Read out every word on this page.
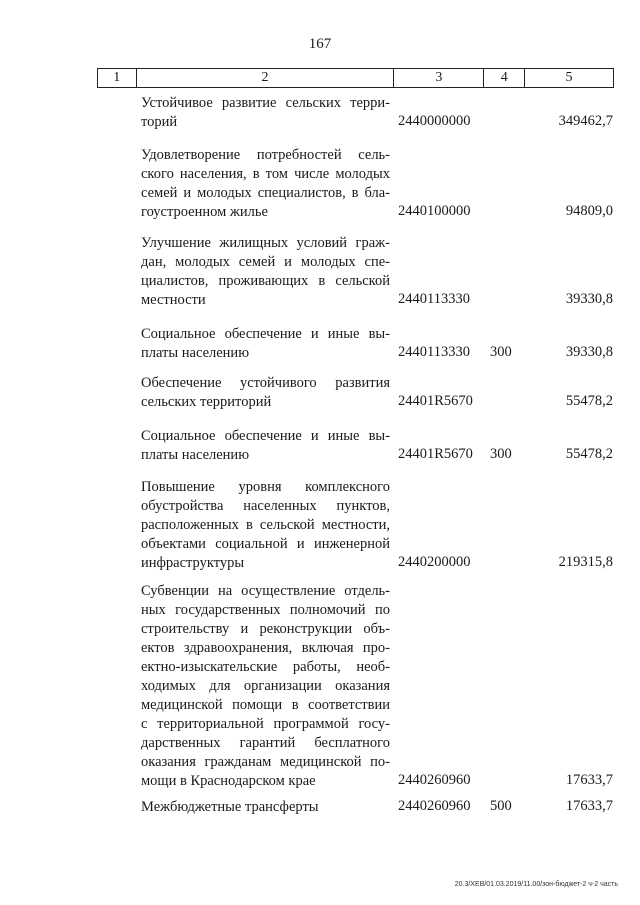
167
1	2	3	4	5
Устойчивое развитие сельских терри-
торий	2440000000	349462,7
Удовлетворение потребностей сель-
ского населения, в том числе молодых
семей и молодых специалистов, в бла-
гоустроенном жилье	2440100000	94809,0
Улучшение жилищных условий граж-
дан, молодых семей и молодых спе-
циалистов, проживающих в сельской
местности	2440113330	39330,8
Социальное обеспечение и иные вы-
платы населению	2440113330	300	39330,8
Обеспечение устойчивого развития
сельских территорий	24401R5670	55478,2
Социальное обеспечение и иные вы-
платы населению	24401R5670	300	55478,2
Повышение уровня комплексного
обустройства населенных пунктов,
расположенных в сельской местности,
объектами социальной и инженерной
инфраструктуры	2440200000	219315,8
Субвенции на осуществление отдель-
ных государственных полномочий по
строительству и реконструкции объ-
ектов здравоохранения, включая про-
ектно-изыскательские работы, необ-
ходимых для организации оказания
медицинской помощи в соответствии
с территориальной программой госу-
дарственных гарантий бесплатного
оказания гражданам медицинской по-
мощи в Краснодарском крае	2440260960	17633,7
Межбюджетные трансферты	2440260960	500	17633,7
20.3/XEB/01.03.2019/11.00/зон-бюджет-2 ч-2 часть
